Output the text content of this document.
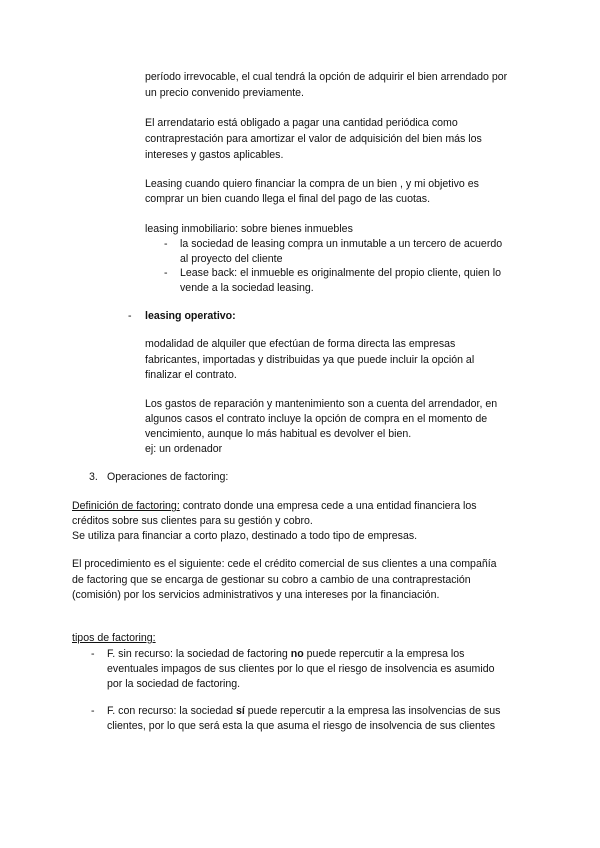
período irrevocable, el cual tendrá la opción de adquirir el bien arrendado por
un precio convenido previamente.
El arrendatario está obligado a pagar una cantidad periódica como
contraprestación para amortizar el valor de adquisición del bien más los
intereses y gastos aplicables.
Leasing cuando quiero financiar la compra de un bien , y mi objetivo es
comprar un bien cuando llega el final del pago de las cuotas.
leasing inmobiliario: sobre bienes inmuebles
- la sociedad de leasing compra un inmutable a un tercero de acuerdo
al proyecto del cliente
- Lease back: el inmueble es originalmente del propio cliente, quien lo
vende a la sociedad leasing.
- leasing operativo:
modalidad de alquiler que efectúan de forma directa las empresas
fabricantes, importadas y distribuidas ya que puede incluir la opción al
finalizar el contrato.
Los gastos de reparación y mantenimiento son a cuenta del arrendador, en
algunos casos el contrato incluye la opción de compra en el momento de
vencimiento, aunque lo más habitual es devolver el bien.
ej: un ordenador
3. Operaciones de factoring:
Definición de factoring: contrato donde una empresa cede a una entidad financiera los
créditos sobre sus clientes para su gestión y cobro.
Se utiliza para financiar a corto plazo, destinado a todo tipo de empresas.
El procedimiento es el siguiente: cede el crédito comercial de sus clientes a una compañía
de factoring que se encarga de gestionar su cobro a cambio de una contraprestación
(comisión) por los servicios administrativos y una intereses por la financiación.
tipos de factoring:
- F. sin recurso: la sociedad de factoring no puede repercutir a la empresa los
eventuales impagos de sus clientes por lo que el riesgo de insolvencia es asumido
por la sociedad de factoring.
- F. con recurso: la sociedad sí puede repercutir a la empresa las insolvencias de sus
clientes, por lo que será esta la que asuma el riesgo de insolvencia de sus clientes
